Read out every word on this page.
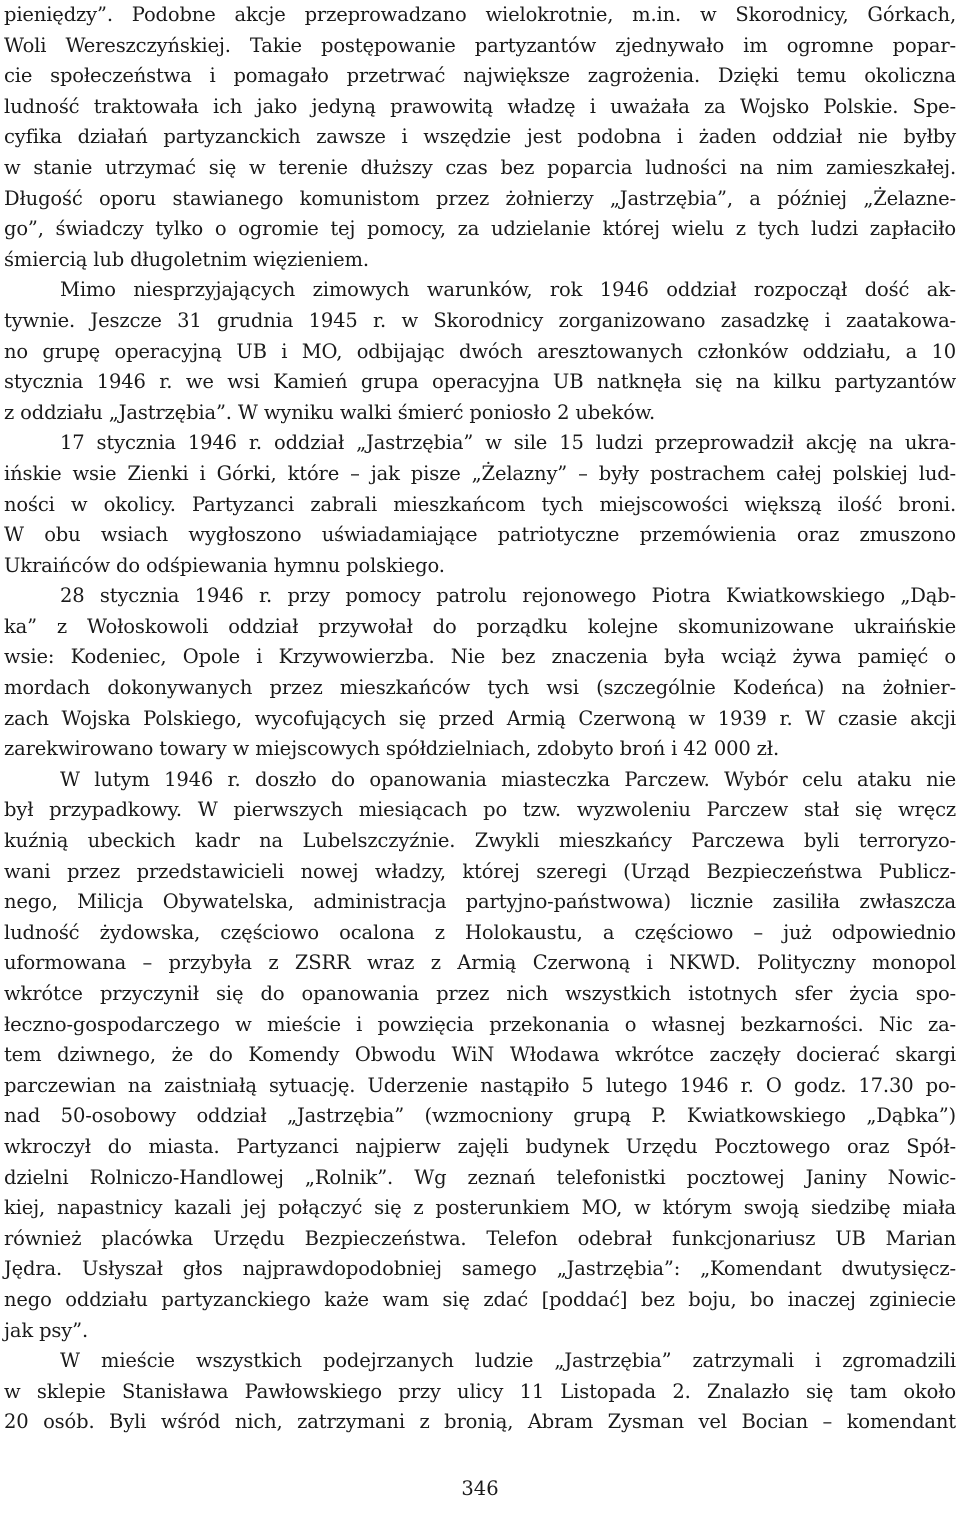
pieniędzy”. Podobne akcje przeprowadzano wielokrotnie, m.in. w Skorodnicy, Górkach,
Woli Wereszczyńskiej. Takie postępowanie partyzantów zjednywało im ogromne popar-
cie społeczeństwa i pomagało przetrwać największe zagrożenia. Dzięki temu okoliczna
ludność traktowała ich jako jedyną prawowitą władzę i uważała za Wojsko Polskie. Spe-
cyfika działań partyzanckich zawsze i wszędzie jest podobna i żaden oddział nie byłby
w stanie utrzymać się w terenie dłuższy czas bez poparcia ludności na nim zamieszkałej.
Długość oporu stawianego komunistom przez żołnierzy „Jastrzębia”, a później „Żelazne-
go”, świadczy tylko o ogromie tej pomocy, za udzielanie której wielu z tych ludzi zapłaciło
śmiercią lub długoletnim więzieniem.
Mimo niesprzyjających zimowych warunków, rok 1946 oddział rozpoczął dość ak-
tywnie. Jeszcze 31 grudnia 1945 r. w Skorodnicy zorganizowano zasadzkę i zaatakowa-
no grupę operacyjną UB i MO, odbijając dwóch aresztowanych członków oddziału, a 10
stycznia 1946 r. we wsi Kamień grupa operacyjna UB natknęła się na kilku partyzantów
z oddziału „Jastrzębia”. W wyniku walki śmierć poniosło 2 ubeków.
17 stycznia 1946 r. oddział „Jastrzębia” w sile 15 ludzi przeprowadził akcję na ukra-
ińskie wsie Zienki i Górki, które – jak pisze „Żelazny” – były postrachem całej polskiej lud-
ności w okolicy. Partyzanci zabrali mieszkańcom tych miejscowości większą ilość broni.
W obu wsiach wygłoszono uświadamiające patriotyczne przemówienia oraz zmuszono
Ukraińców do odśpiewania hymnu polskiego.
28 stycznia 1946 r. przy pomocy patrolu rejonowego Piotra Kwiatkowskiego „Dąb-
ka” z Wołoskowoli oddział przywołał do porządku kolejne skomunizowane ukraińskie
wsie: Kodeniec, Opole i Krzywowierzba. Nie bez znaczenia była wciąż żywa pamięć o
mordach dokonywanych przez mieszkańców tych wsi (szczególnie Kodeńca) na żołnier-
zach Wojska Polskiego, wycofujących się przed Armią Czerwoną w 1939 r. W czasie akcji
zarekwirowano towary w miejscowych spółdzielniach, zdobyto broń i 42 000 zł.
W lutym 1946 r. doszło do opanowania miasteczka Parczew. Wybór celu ataku nie
był przypadkowy. W pierwszych miesiącach po tzw. wyzwoleniu Parczew stał się wręcz
kuźnią ubeckich kadr na Lubelszczyźnie. Zwykli mieszkańcy Parczewa byli terroryzo-
wani przez przedstawicieli nowej władzy, której szeregi (Urząd Bezpieczeństwa Publicz-
nego, Milicja Obywatelska, administracja partyjno-państwowa) licznie zasiliła zwłaszcza
ludność żydowska, częściowo ocalona z Holokaustu, a częściowo – już odpowiednio
uformowana – przybyła z ZSRR wraz z Armią Czerwoną i NKWD. Polityczny monopol
wkrótce przyczynił się do opanowania przez nich wszystkich istotnych sfer życia spo-
łeczno-gospodarczego w mieście i powzięcia przekonania o własnej bezkarności. Nic za-
tem dziwnego, że do Komendy Obwodu WiN Włodawa wkrótce zaczęły docierać skargi
parczewian na zaistniałą sytuację. Uderzenie nastąpiło 5 lutego 1946 r. O godz. 17.30 po-
nad 50-osobowy oddział „Jastrzębia” (wzmocniony grupą P. Kwiatkowskiego „Dąbka”)
wkroczył do miasta. Partyzanci najpierw zajęli budynek Urzędu Pocztowego oraz Spół-
dzielni Rolniczo-Handlowej „Rolnik”. Wg zeznań telefonistki pocztowej Janiny Nowic-
kiej, napastnicy kazali jej połączyć się z posterunkiem MO, w którym swoją siedzibę miała
również placówka Urzędu Bezpieczeństwa. Telefon odebrał funkcjonariusz UB Marian
Jędra. Usłyszał głos najprawdopodobniej samego „Jastrzębia”: „Komendant dwutysięcz-
nego oddziału partyzanckiego każe wam się zdać [poddać] bez boju, bo inaczej zginiecie
jak psy”.
W mieście wszystkich podejrzanych ludzie „Jastrzębia” zatrzymali i zgromadzili
w sklepie Stanisława Pawłowskiego przy ulicy 11 Listopada 2. Znalazło się tam około
20 osób. Byli wśród nich, zatrzymani z bronią, Abram Zysman vel Bocian – komendant
346
